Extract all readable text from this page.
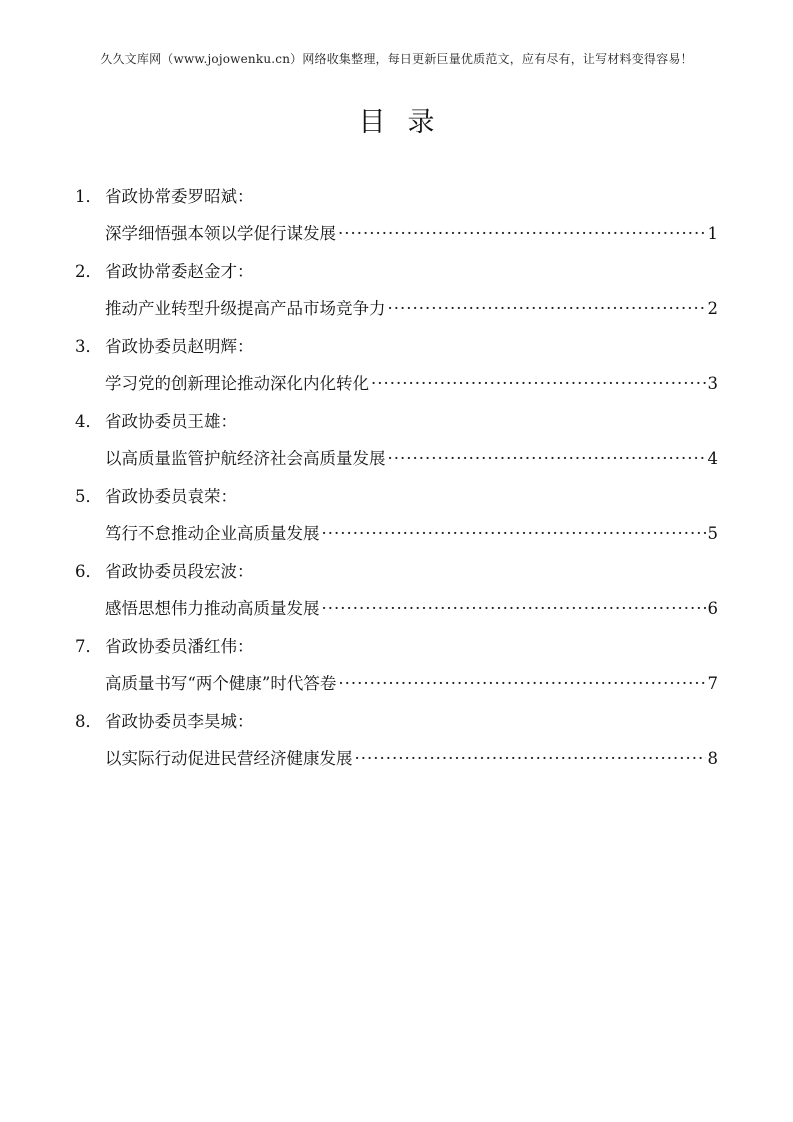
久久文库网（www.jojowenku.cn）网络收集整理，每日更新巨量优质范文，应有尽有，让写材料变得容易！
目录
1． 省政协常委罗昭斌：
深学细悟强本领以学促行谋发展 ·····	1
2． 省政协常委赵金才：
推动产业转型升级提高产品市场竞争力 ·····	2
3． 省政协委员赵明辉：
学习党的创新理论推动深化内化转化 ·····	3
4． 省政协委员王雄：
以高质量监管护航经济社会高质量发展 ·····	4
5． 省政协委员袁荣：
笃行不怠推动企业高质量发展 ·····	5
6． 省政协委员段宏波：
感悟思想伟力推动高质量发展 ·····	6
7． 省政协委员潘红伟：
高质量书写“两个健康”时代答卷 ·····	7
8． 省政协委员李昊城：
以实际行动促进民营经济健康发展 ·····	8
